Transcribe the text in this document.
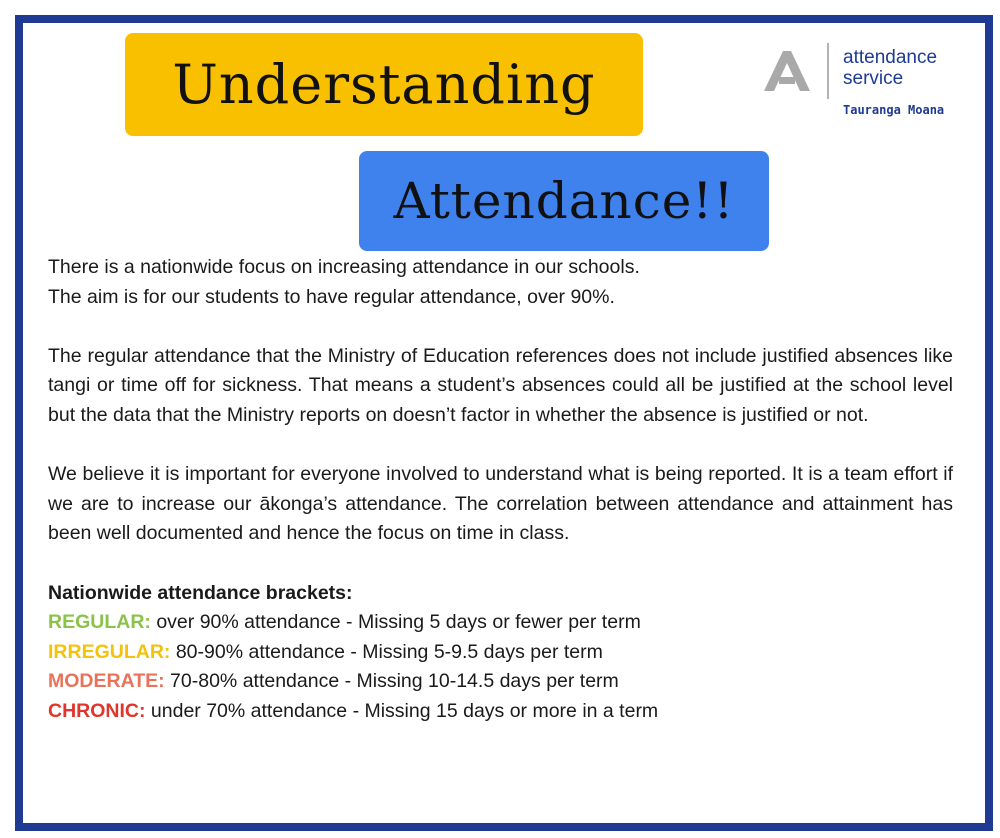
Understanding
Attendance!!
attendance
service
Tauranga Moana

There is a nationwide focus on increasing attendance in our schools.

The aim is for our students to have regular attendance, over 90%.

The regular attendance that the Ministry of Education references does not include justified absences like tangi or time off for sickness. That means a student’s absences could all be justified at the school level but the data that the Ministry reports on doesn’t factor in whether the absence is justified or not.

We believe it is important for everyone involved to understand what is being reported. It is a team effort if we are to increase our ākonga’s attendance. The correlation between attendance and attainment has been well documented and hence the focus on time in class.

Nationwide attendance brackets:

REGULAR: over 90% attendance - Missing 5 days or fewer per term

IRREGULAR: 80-90% attendance - Missing 5-9.5 days per term

MODERATE: 70-80% attendance - Missing 10-14.5 days per term

CHRONIC: under 70% attendance - Missing 15 days or more in a term
